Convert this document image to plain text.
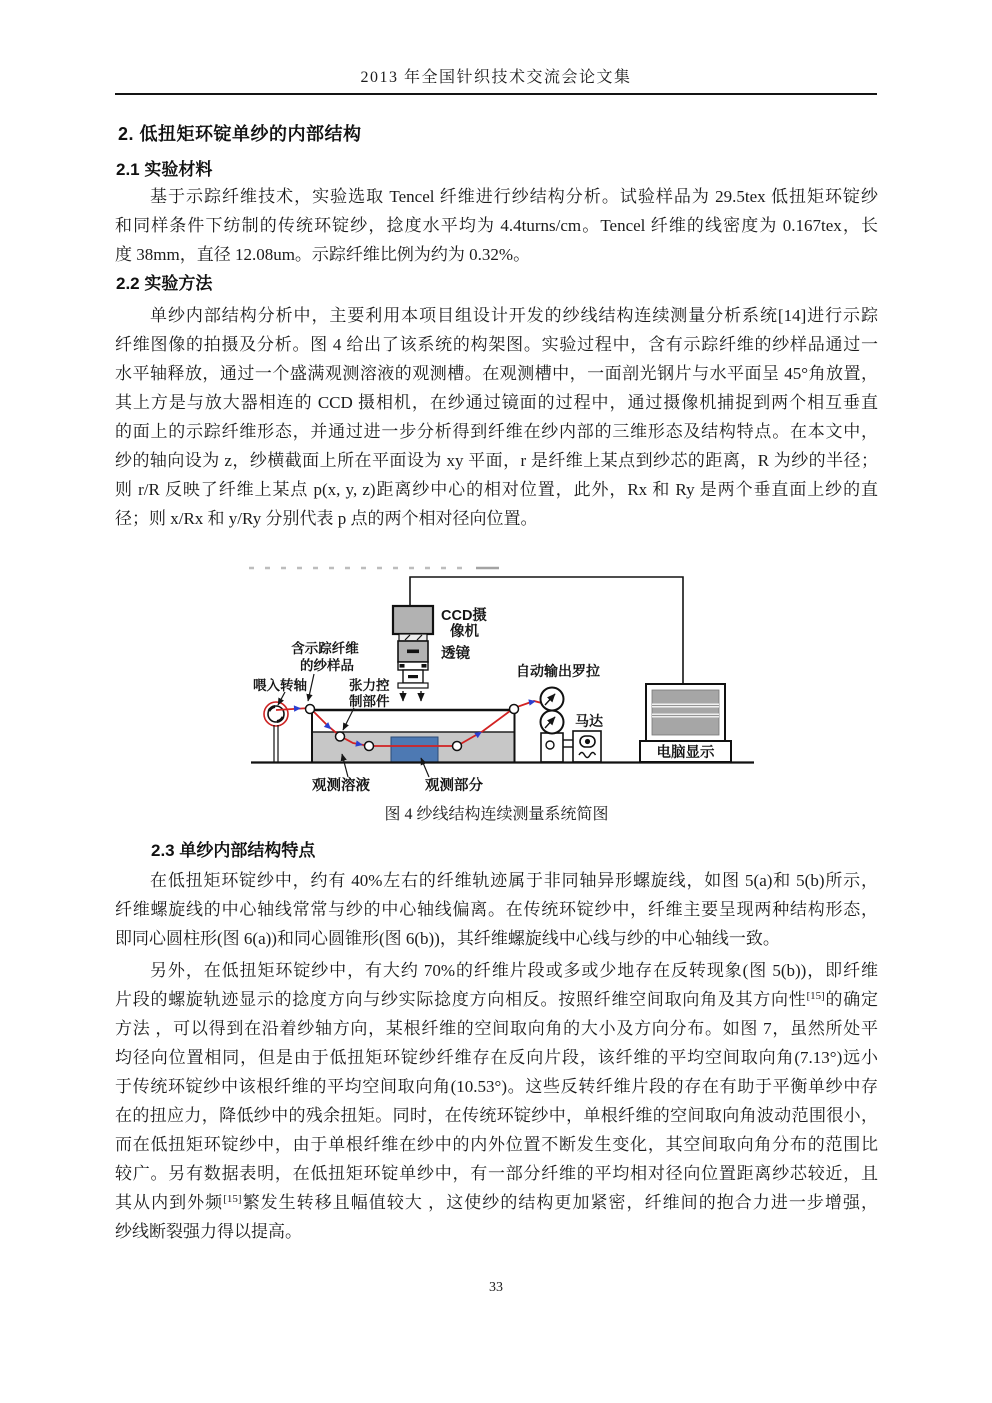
2013 年全国针织技术交流会论文集
2. 低扭矩环锭单纱的内部结构
2.1 实验材料
基于示踪纤维技术，实验选取 Tencel 纤维进行纱结构分析。试验样品为 29.5tex 低扭矩环锭纱
和同样条件下纺制的传统环锭纱，捻度水平均为 4.4turns/cm。Tencel 纤维的线密度为 0.167tex，长
度 38mm，直径 12.08um。示踪纤维比例为约为 0.32%。
2.2 实验方法
单纱内部结构分析中，主要利用本项目组设计开发的纱线结构连续测量分析系统[14]进行示踪
纤维图像的拍摄及分析。图 4 给出了该系统的构架图。实验过程中，含有示踪纤维的纱样品通过一
水平轴释放，通过一个盛满观测溶液的观测槽。在观测槽中，一面剖光钢片与水平面呈 45°角放置，
其上方是与放大器相连的 CCD 摄相机，在纱通过镜面的过程中，通过摄像机捕捉到两个相互垂直
的面上的示踪纤维形态，并通过进一步分析得到纤维在纱内部的三维形态及结构特点。在本文中，
纱的轴向设为 z，纱横截面上所在平面设为 xy 平面，r 是纤维上某点到纱芯的距离，R 为纱的半径；
则 r/R 反映了纤维上某点 p(x, y, z)距离纱中心的相对位置，此外，Rx 和 Ry 是两个垂直面上纱的直
径；则 x/Rx 和 y/Ry 分别代表 p 点的两个相对径向位置。
CCD摄
像机
透镜
含示踪纤维
的纱样品
喂入转轴	张力控
制部件
自动输出罗拉
马达
观测溶液	观测部分
电脑显示
图 4 纱线结构连续测量系统简图
2.3 单纱内部结构特点
在低扭矩环锭纱中，约有 40%左右的纤维轨迹属于非同轴异形螺旋线，如图 5(a)和 5(b)所示，
纤维螺旋线的中心轴线常常与纱的中心轴线偏离。在传统环锭纱中，纤维主要呈现两种结构形态，
即同心圆柱形(图 6(a))和同心圆锥形(图 6(b))，其纤维螺旋线中心线与纱的中心轴线一致。
另外，在低扭矩环锭纱中，有大约 70%的纤维片段或多或少地存在反转现象(图 5(b))，即纤维
片段的螺旋轨迹显示的捻度方向与纱实际捻度方向相反。按照纤维空间取向角及其方向性[15]的确定
方法 ，可以得到在沿着纱轴方向，某根纤维的空间取向角的大小及方向分布。如图 7，虽然所处平
均径向位置相同，但是由于低扭矩环锭纱纤维存在反向片段，该纤维的平均空间取向角(7.13°)远小
于传统环锭纱中该根纤维的平均空间取向角(10.53°)。这些反转纤维片段的存在有助于平衡单纱中存
在的扭应力，降低纱中的残余扭矩。同时，在传统环锭纱中，单根纤维的空间取向角波动范围很小，
而在低扭矩环锭纱中，由于单根纤维在纱中的内外位置不断发生变化，其空间取向角分布的范围比
较广。另有数据表明，在低扭矩环锭单纱中，有一部分纤维的平均相对径向位置距离纱芯较近，且
其从内到外频[15]繁发生转移且幅值较大 ，这使纱的结构更加紧密，纤维间的抱合力进一步增强，
纱线断裂强力得以提高。
33
